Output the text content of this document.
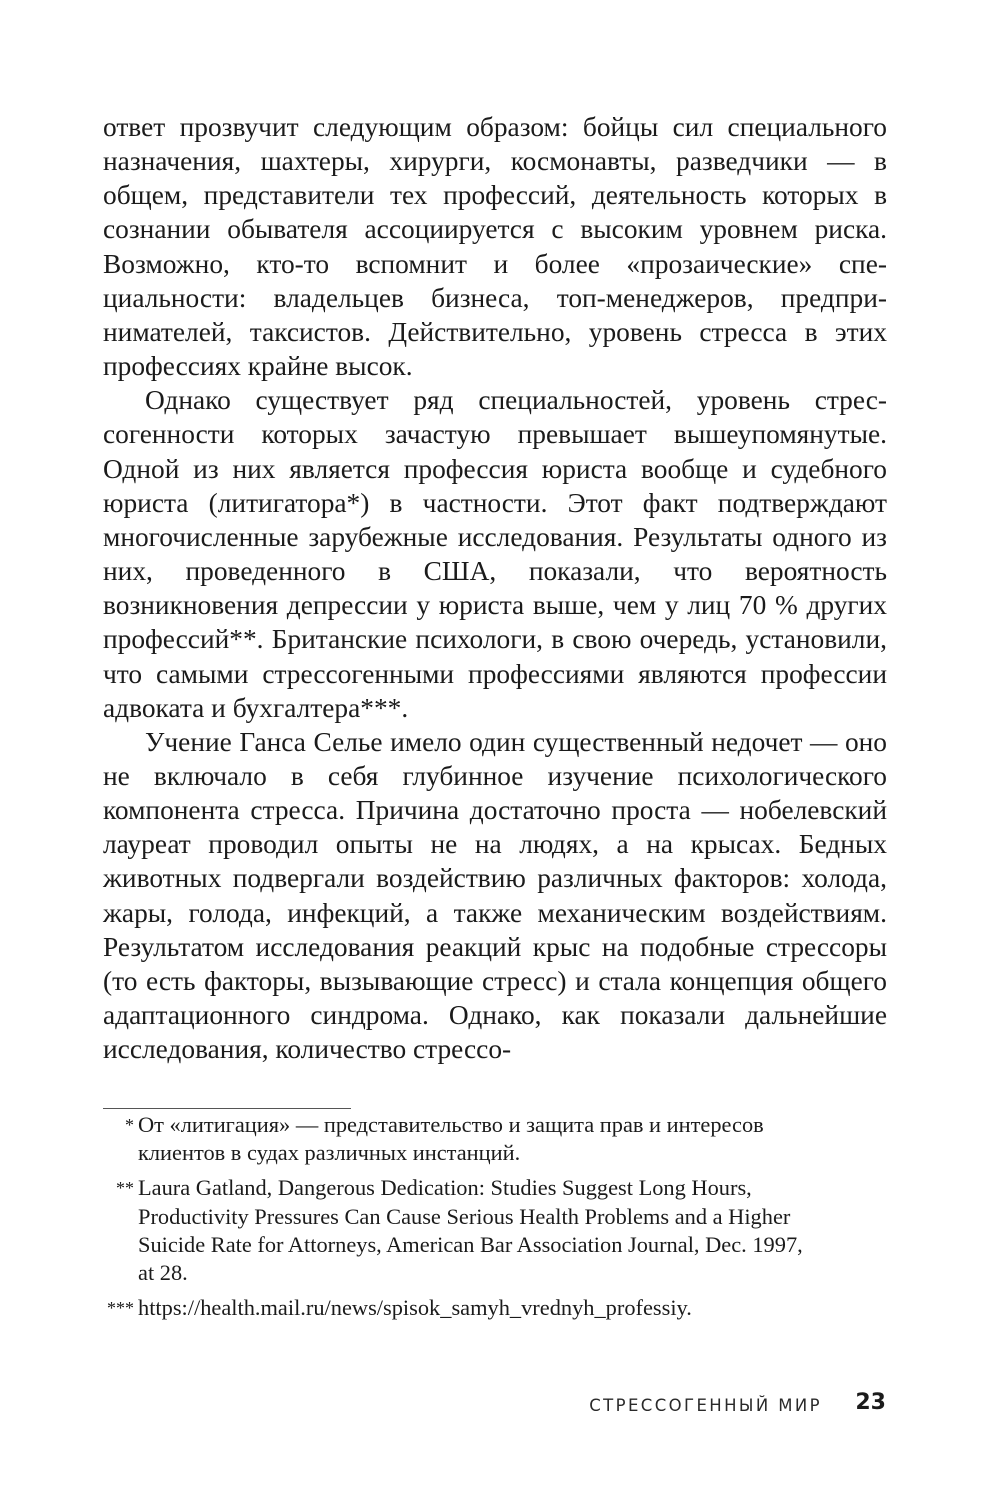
ответ прозвучит следующим образом: бойцы сил специального назначения, шахтеры, хирурги, космонавты, разведчики — в общем, представители тех профессий, деятельность которых в сознании обывателя ассоциируется с высоким уровнем риска. Возможно, кто-то вспомнит и более «прозаические» специальности: владельцев бизнеса, топ-менеджеров, предпринимателей, таксистов. Действительно, уровень стресса в этих профессиях крайне высок.

Однако существует ряд специальностей, уровень стрессогенности которых зачастую превышает вышеупомянутые. Одной из них является профессия юриста вообще и судебного юриста (литигатора*) в частности. Этот факт подтверждают многочисленные зарубежные исследования. Результаты одного из них, проведенного в США, показали, что вероятность возникновения депрессии у юриста выше, чем у лиц 70 % других профессий**. Британские психологи, в свою очередь, установили, что самыми стрессогенными профессиями являются профессии адвоката и бухгалтера***.

Учение Ганса Селье имело один существенный недочет — оно не включало в себя глубинное изучение психологического компонента стресса. Причина достаточно проста — нобелевский лауреат проводил опыты не на людях, а на крысах. Бедных животных подвергали воздействию различных факторов: холода, жары, голода, инфекций, а также механическим воздействиям. Результатом исследования реакций крыс на подобные стрессоры (то есть факторы, вызывающие стресс) и стала концепция общего адаптационного синдрома. Однако, как показали дальнейшие исследования, количество стрессо-

* От «литигация» — представительство и защита прав и интересов клиентов в судах различных инстанций.
** Laura Gatland, Dangerous Dedication: Studies Suggest Long Hours, Productivity Pressures Can Cause Serious Health Problems and a Higher Suicide Rate for Attorneys, American Bar Association Journal, Dec. 1997, at 28.
*** https://health.mail.ru/news/spisok_samyh_vrednyh_professiy.
СТРЕССОГЕННЫЙ МИР 23
